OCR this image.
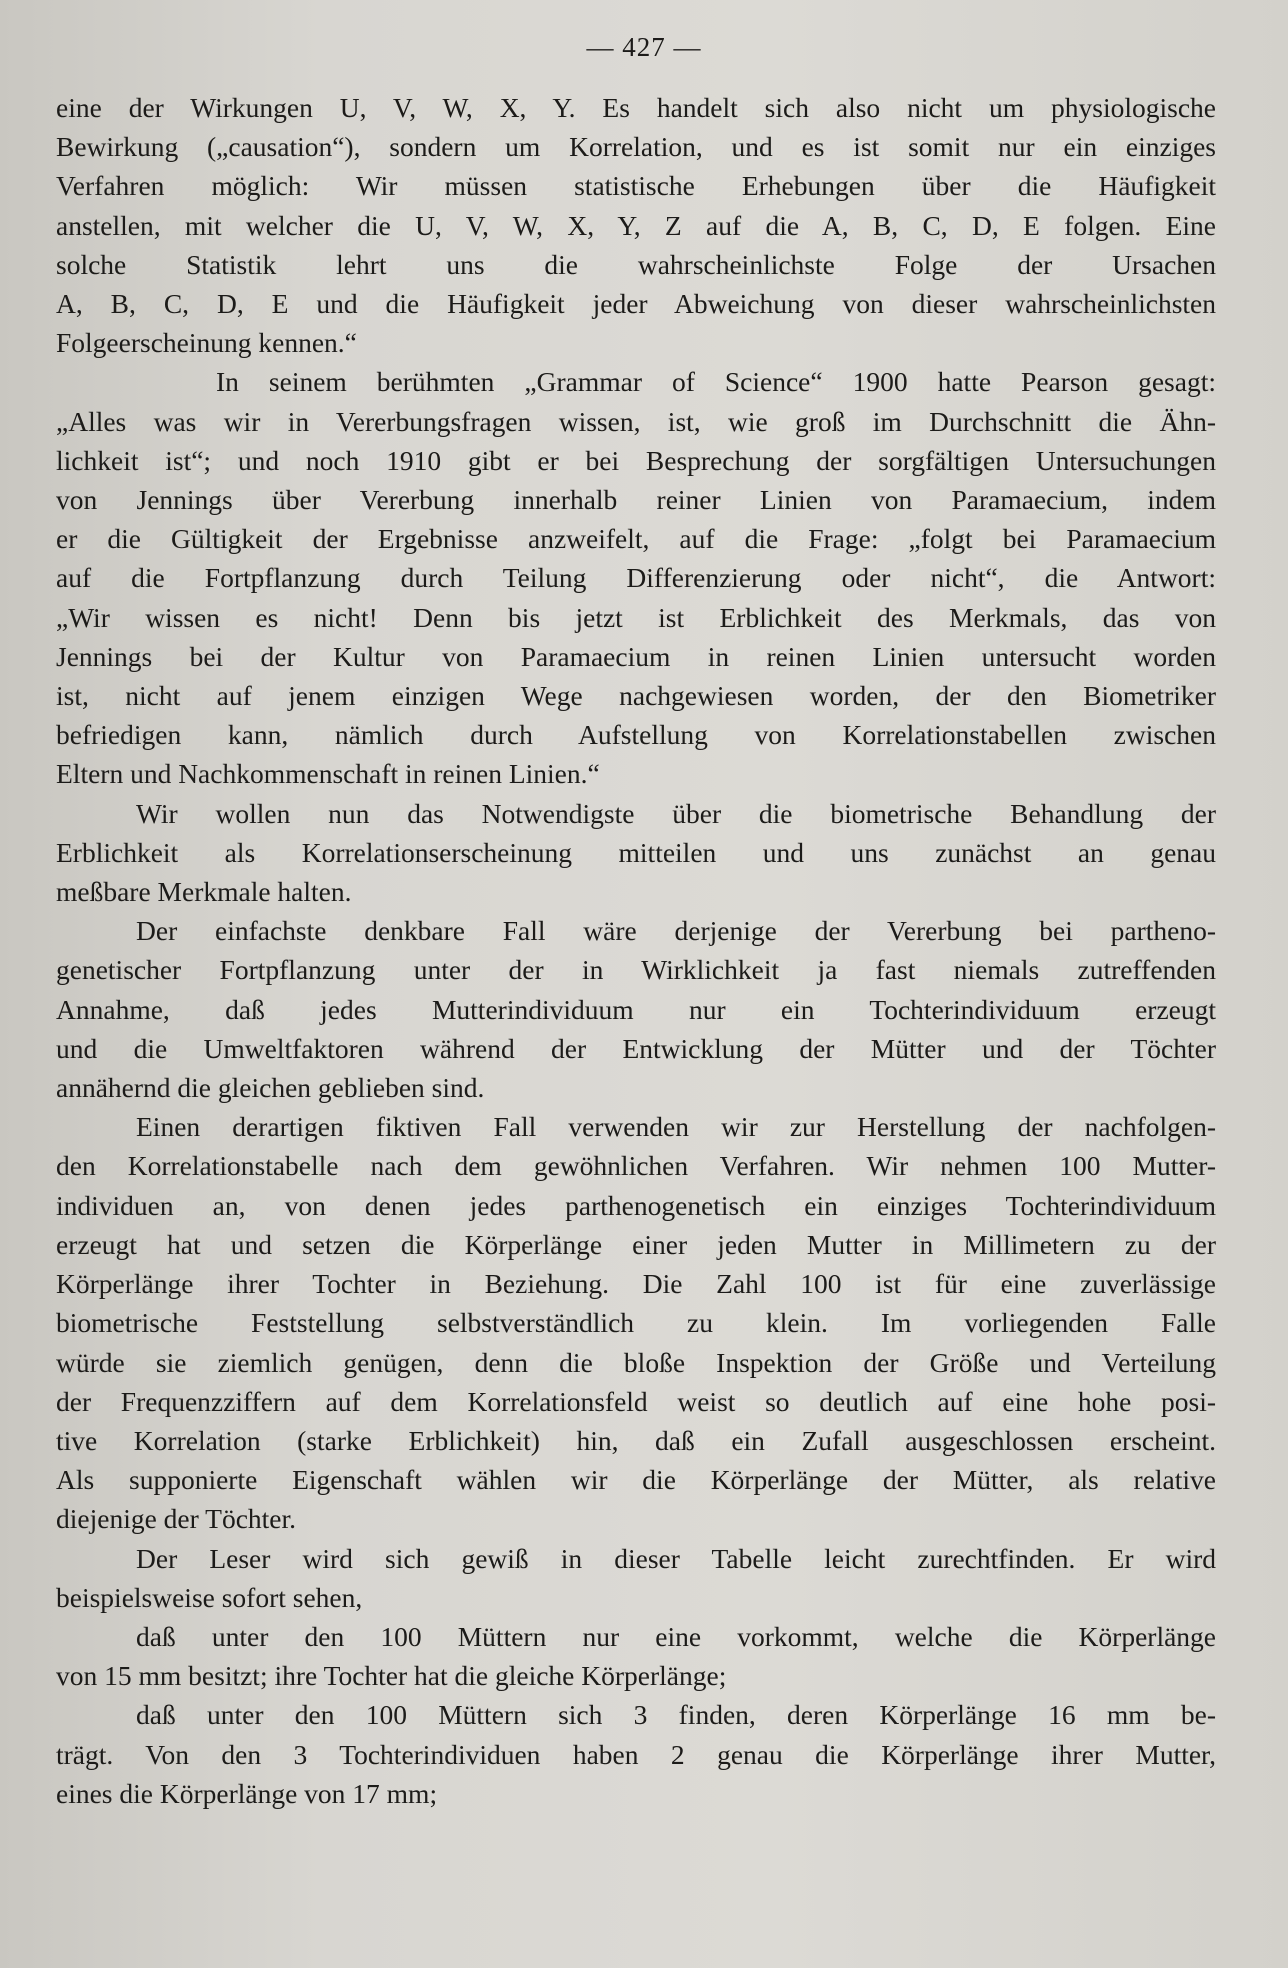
— 427 —

eine der Wirkungen U, V, W, X, Y. Es handelt sich also nicht um physiologische
Bewirkung („causation“), sondern um Korrelation, und es ist somit nur ein einziges
Verfahren möglich: Wir müssen statistische Erhebungen über die Häufigkeit
anstellen, mit welcher die U, V, W, X, Y, Z auf die A, B, C, D, E folgen. Eine
solche Statistik lehrt uns die wahrscheinlichste Folge der Ursachen
A, B, C, D, E und die Häufigkeit jeder Abweichung von dieser wahrscheinlichsten
Folgeerscheinung kennen.“

In seinem berühmten „Grammar of Science“ 1900 hatte Pearson gesagt:
„Alles was wir in Vererbungsfragen wissen, ist, wie groß im Durchschnitt die Ähn-
lichkeit ist“; und noch 1910 gibt er bei Besprechung der sorgfältigen Untersuchungen
von Jennings über Vererbung innerhalb reiner Linien von Paramaecium, indem
er die Gültigkeit der Ergebnisse anzweifelt, auf die Frage: „folgt bei Paramaecium
auf die Fortpflanzung durch Teilung Differenzierung oder nicht“, die Antwort:
„Wir wissen es nicht! Denn bis jetzt ist Erblichkeit des Merkmals, das von
Jennings bei der Kultur von Paramaecium in reinen Linien untersucht worden
ist, nicht auf jenem einzigen Wege nachgewiesen worden, der den Biometriker
befriedigen kann, nämlich durch Aufstellung von Korrelationstabellen zwischen
Eltern und Nachkommenschaft in reinen Linien.“

Wir wollen nun das Notwendigste über die biometrische Behandlung der
Erblichkeit als Korrelationserscheinung mitteilen und uns zunächst an genau
meßbare Merkmale halten.

Der einfachste denkbare Fall wäre derjenige der Vererbung bei partheno-
genetischer Fortpflanzung unter der in Wirklichkeit ja fast niemals zutreffenden
Annahme, daß jedes Mutterindividuum nur ein Tochterindividuum erzeugt
und die Umweltfaktoren während der Entwicklung der Mütter und der Töchter
annähernd die gleichen geblieben sind.

Einen derartigen fiktiven Fall verwenden wir zur Herstellung der nachfolgen-
den Korrelationstabelle nach dem gewöhnlichen Verfahren. Wir nehmen 100 Mutter-
individuen an, von denen jedes parthenogenetisch ein einziges Tochterindividuum
erzeugt hat und setzen die Körperlänge einer jeden Mutter in Millimetern zu der
Körperlänge ihrer Tochter in Beziehung. Die Zahl 100 ist für eine zuverlässige
biometrische Feststellung selbstverständlich zu klein. Im vorliegenden Falle
würde sie ziemlich genügen, denn die bloße Inspektion der Größe und Verteilung
der Frequenzziffern auf dem Korrelationsfeld weist so deutlich auf eine hohe posi-
tive Korrelation (starke Erblichkeit) hin, daß ein Zufall ausgeschlossen erscheint.
Als supponierte Eigenschaft wählen wir die Körperlänge der Mütter, als relative
diejenige der Töchter.

Der Leser wird sich gewiß in dieser Tabelle leicht zurechtfinden. Er wird
beispielsweise sofort sehen,

daß unter den 100 Müttern nur eine vorkommt, welche die Körperlänge
von 15 mm besitzt; ihre Tochter hat die gleiche Körperlänge;

daß unter den 100 Müttern sich 3 finden, deren Körperlänge 16 mm be-
trägt. Von den 3 Tochterindividuen haben 2 genau die Körperlänge ihrer Mutter,
eines die Körperlänge von 17 mm;
